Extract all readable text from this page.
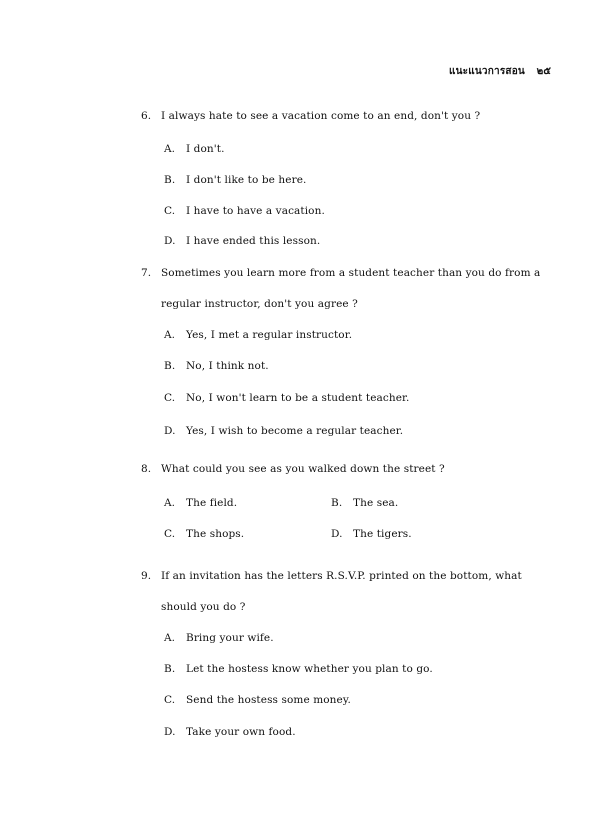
แนะแนวการสอน ๒๕
6. I always hate to see a vacation come to an end, don't you ?
A. I don't.
B. I don't like to be here.
C. I have to have a vacation.
D. I have ended this lesson.
7. Sometimes you learn more from a student teacher than you do from a
regular instructor, don't you agree ?
A. Yes, I met a regular instructor.
B. No, I think not.
C. No, I won't learn to be a student teacher.
D. Yes, I wish to become a regular teacher.
8. What could you see as you walked down the street ?
A. The field.	B. The sea.
C. The shops.	D. The tigers.
9. If an invitation has the letters R.S.V.P. printed on the bottom, what
should you do ?
A. Bring your wife.
B. Let the hostess know whether you plan to go.
C. Send the hostess some money.
D. Take your own food.
